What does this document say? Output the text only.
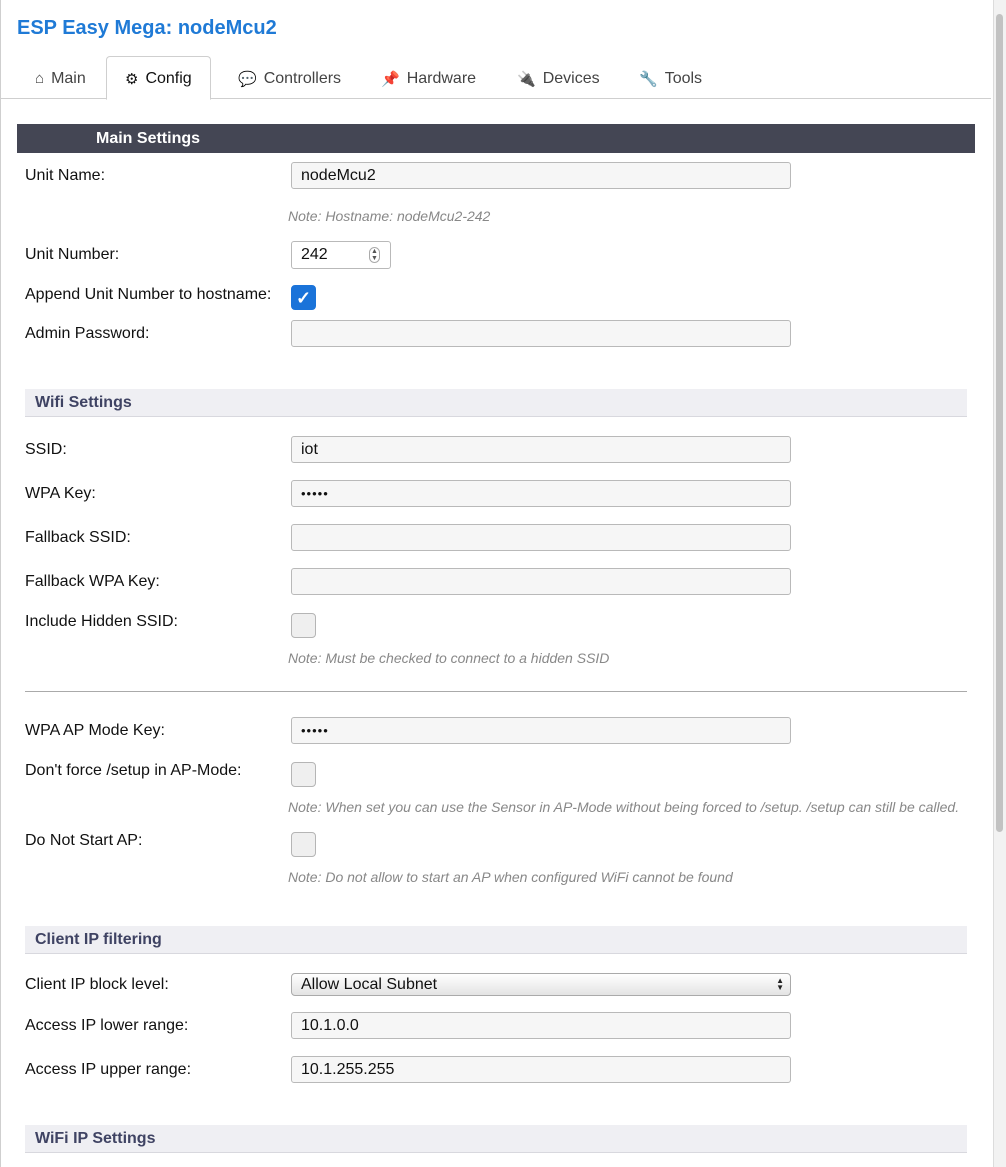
ESP Easy Mega: nodeMcu2
⌂ Main	⚙ Config	💬 Controllers	📌 Hardware	🔌 Devices	🔧 Tools
Main Settings
Unit Name:	nodeMcu2
Note: Hostname: nodeMcu2-242
Unit Number:	242	▲
▼
Append Unit Number to hostname: ✓
Admin Password:
Wifi Settings
SSID:	iot
WPA Key:	•••••
Fallback SSID:
Fallback WPA Key:
Include Hidden SSID:
Note: Must be checked to connect to a hidden SSID
WPA AP Mode Key:	•••••
Don't force /setup in AP-Mode:
Note: When set you can use the Sensor in AP-Mode without being forced to /setup. /setup can still be called.
Do Not Start AP:
Note: Do not allow to start an AP when configured WiFi cannot be found
Client IP filtering
Client IP block level:	Allow Local Subnet	▲
▼
Access IP lower range:	10.1.0.0
Access IP upper range:	10.1.255.255
WiFi IP Settings
